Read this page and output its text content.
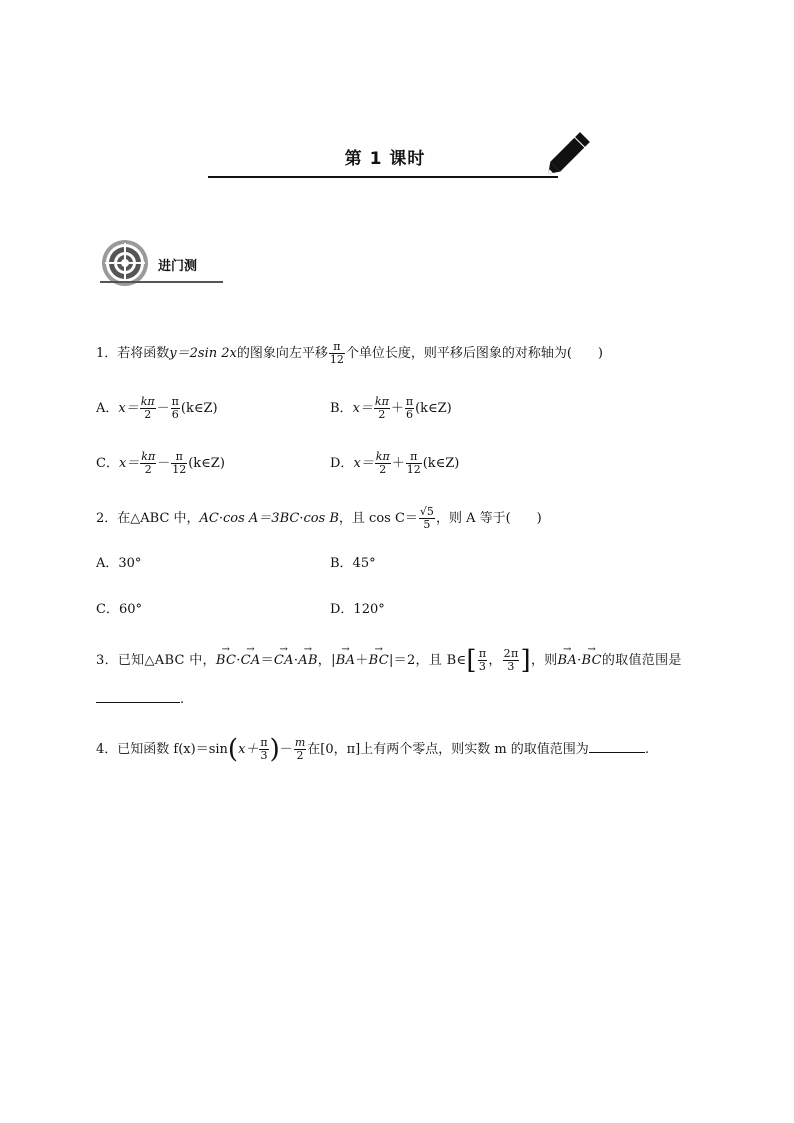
第 1 课时
进门测
1．若将函数y＝2sin 2x的图象向左平移 $\frac{\pi}{12}$ 个单位长度，则平移后图象的对称轴为(　　)
A．$x= \frac{k\pi}{2} - \frac{\pi}{6}$ (k∈Z)	B．$x= \frac{k\pi}{2} + \frac{\pi}{6}$ (k∈Z)
C．$x= \frac{k\pi}{2} - \frac{\pi}{12}$ (k∈Z)	D．$x= \frac{k\pi}{2} + \frac{\pi}{12}$ (k∈Z)
2．在△ABC 中，AC·cos A＝3BC·cos B，且 $\cos C= \frac{√5}{5}$ ，则 A 等于(　　)
A．30°	B．45°
C．60°	D．120°
3．已知△ABC 中，→ BC·→ CA＝→ CA·→ AB，|→ BA＋→ BC|＝2，且 B∈[ $\frac{\pi}{3}$ ， $\frac{2\pi}{3}$ ]，则→ BA·→ BC的取值范围是
.
4．已知函数 $f(x)=\sin(x+ \frac{\pi}{3}$ )－ $\frac{m}{2}$ 在[0，π]上有两个零点，则实数 m 的取值范围为	.
